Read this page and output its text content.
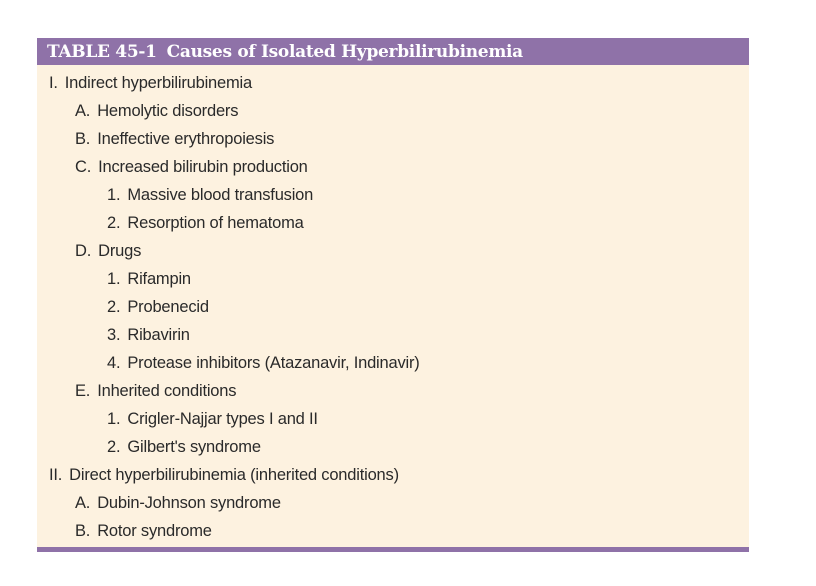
TABLE 45-1 Causes of Isolated Hyperbilirubinemia
I. Indirect hyperbilirubinemia
A. Hemolytic disorders
B. Ineffective erythropoiesis
C. Increased bilirubin production
1. Massive blood transfusion
2. Resorption of hematoma
D. Drugs
1. Rifampin
2. Probenecid
3. Ribavirin
4. Protease inhibitors (Atazanavir, Indinavir)
E. Inherited conditions
1. Crigler-Najjar types I and II
2. Gilbert's syndrome
II. Direct hyperbilirubinemia (inherited conditions)
A. Dubin-Johnson syndrome
B. Rotor syndrome
